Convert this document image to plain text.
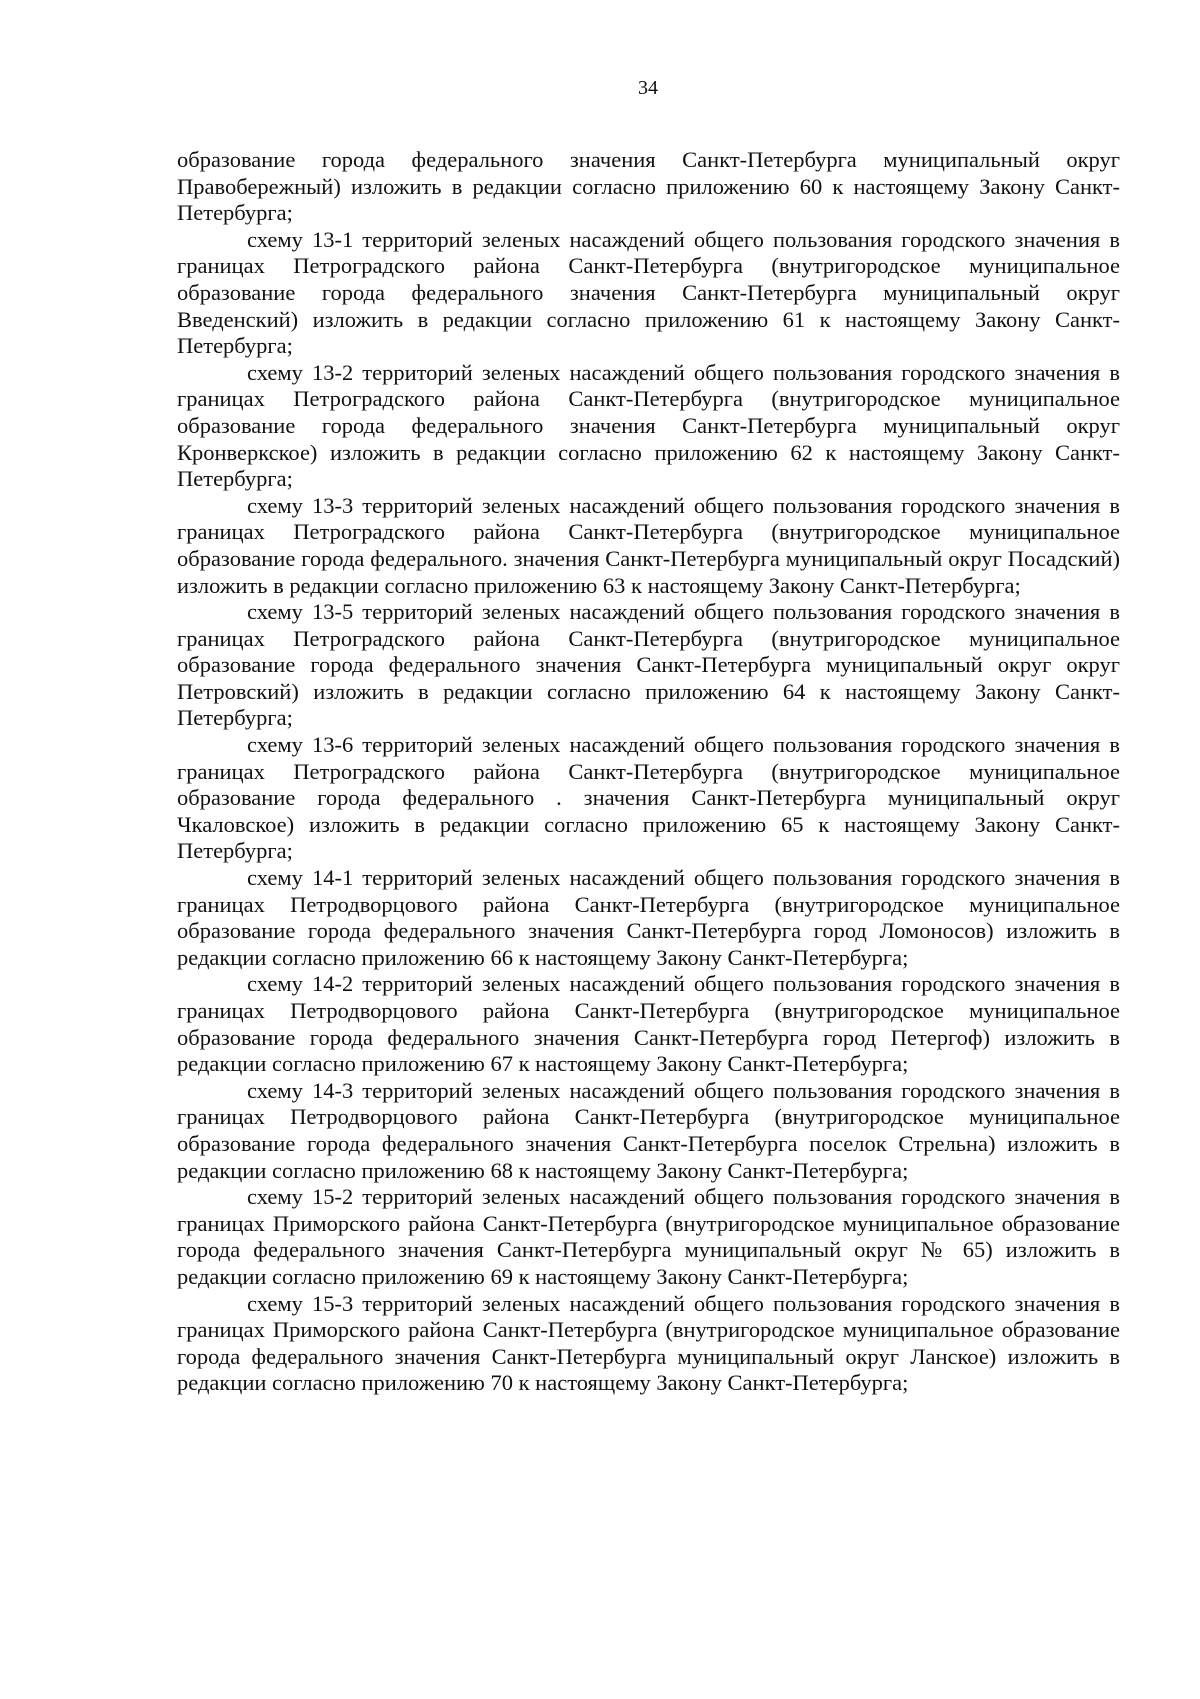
34

образование города федерального значения Санкт-Петербурга муниципальный округ Правобережный) изложить в редакции согласно приложению 60 к настоящему Закону Санкт-Петербурга;

схему 13-1 территорий зеленых насаждений общего пользования городского значения в границах Петроградского района Санкт-Петербурга (внутригородское муниципальное образование города федерального значения Санкт-Петербурга муниципальный округ Введенский) изложить в редакции согласно приложению 61 к настоящему Закону Санкт-Петербурга;

схему 13-2 территорий зеленых насаждений общего пользования городского значения в границах Петроградского района Санкт-Петербурга (внутригородское муниципальное образование города федерального значения Санкт-Петербурга муниципальный округ Кронверкское) изложить в редакции согласно приложению 62 к настоящему Закону Санкт-Петербурга;

схему 13-3 территорий зеленых насаждений общего пользования городского значения в границах Петроградского района Санкт-Петербурга (внутригородское муниципальное образование города федерального. значения Санкт-Петербурга муниципальный округ Посадский) изложить в редакции согласно приложению 63 к настоящему Закону Санкт-Петербурга;

схему 13-5 территорий зеленых насаждений общего пользования городского значения в границах Петроградского района Санкт-Петербурга (внутригородское муниципальное образование города федерального значения Санкт-Петербурга муниципальный округ округ Петровский) изложить в редакции согласно приложению 64 к настоящему Закону Санкт-Петербурга;

схему 13-6 территорий зеленых насаждений общего пользования городского значения в границах Петроградского района Санкт-Петербурга (внутригородское муниципальное образование города федерального . значения Санкт-Петербурга муниципальный округ Чкаловское) изложить в редакции согласно приложению 65 к настоящему Закону Санкт-Петербурга;

схему 14-1 территорий зеленых насаждений общего пользования городского значения в границах Петродворцового района Санкт-Петербурга (внутригородское муниципальное образование города федерального значения Санкт-Петербурга город Ломоносов) изложить в редакции согласно приложению 66 к настоящему Закону Санкт-Петербурга;

схему 14-2 территорий зеленых насаждений общего пользования городского значения в границах Петродворцового района Санкт-Петербурга (внутригородское муниципальное образование города федерального значения Санкт-Петербурга город Петергоф) изложить в редакции согласно приложению 67 к настоящему Закону Санкт-Петербурга;

схему 14-3 территорий зеленых насаждений общего пользования городского значения в границах Петродворцового района Санкт-Петербурга (внутригородское муниципальное образование города федерального значения Санкт-Петербурга поселок Стрельна) изложить в редакции согласно приложению 68 к настоящему Закону Санкт-Петербурга;

схему 15-2 территорий зеленых насаждений общего пользования городского значения в границах Приморского района Санкт-Петербурга (внутригородское муниципальное образование города федерального значения Санкт-Петербурга муниципальный округ № 65) изложить в редакции согласно приложению 69 к настоящему Закону Санкт-Петербурга;

схему 15-3 территорий зеленых насаждений общего пользования городского значения в границах Приморского района Санкт-Петербурга (внутригородское муниципальное образование города федерального значения Санкт-Петербурга муниципальный округ Ланское) изложить в редакции согласно приложению 70 к настоящему Закону Санкт-Петербурга;
